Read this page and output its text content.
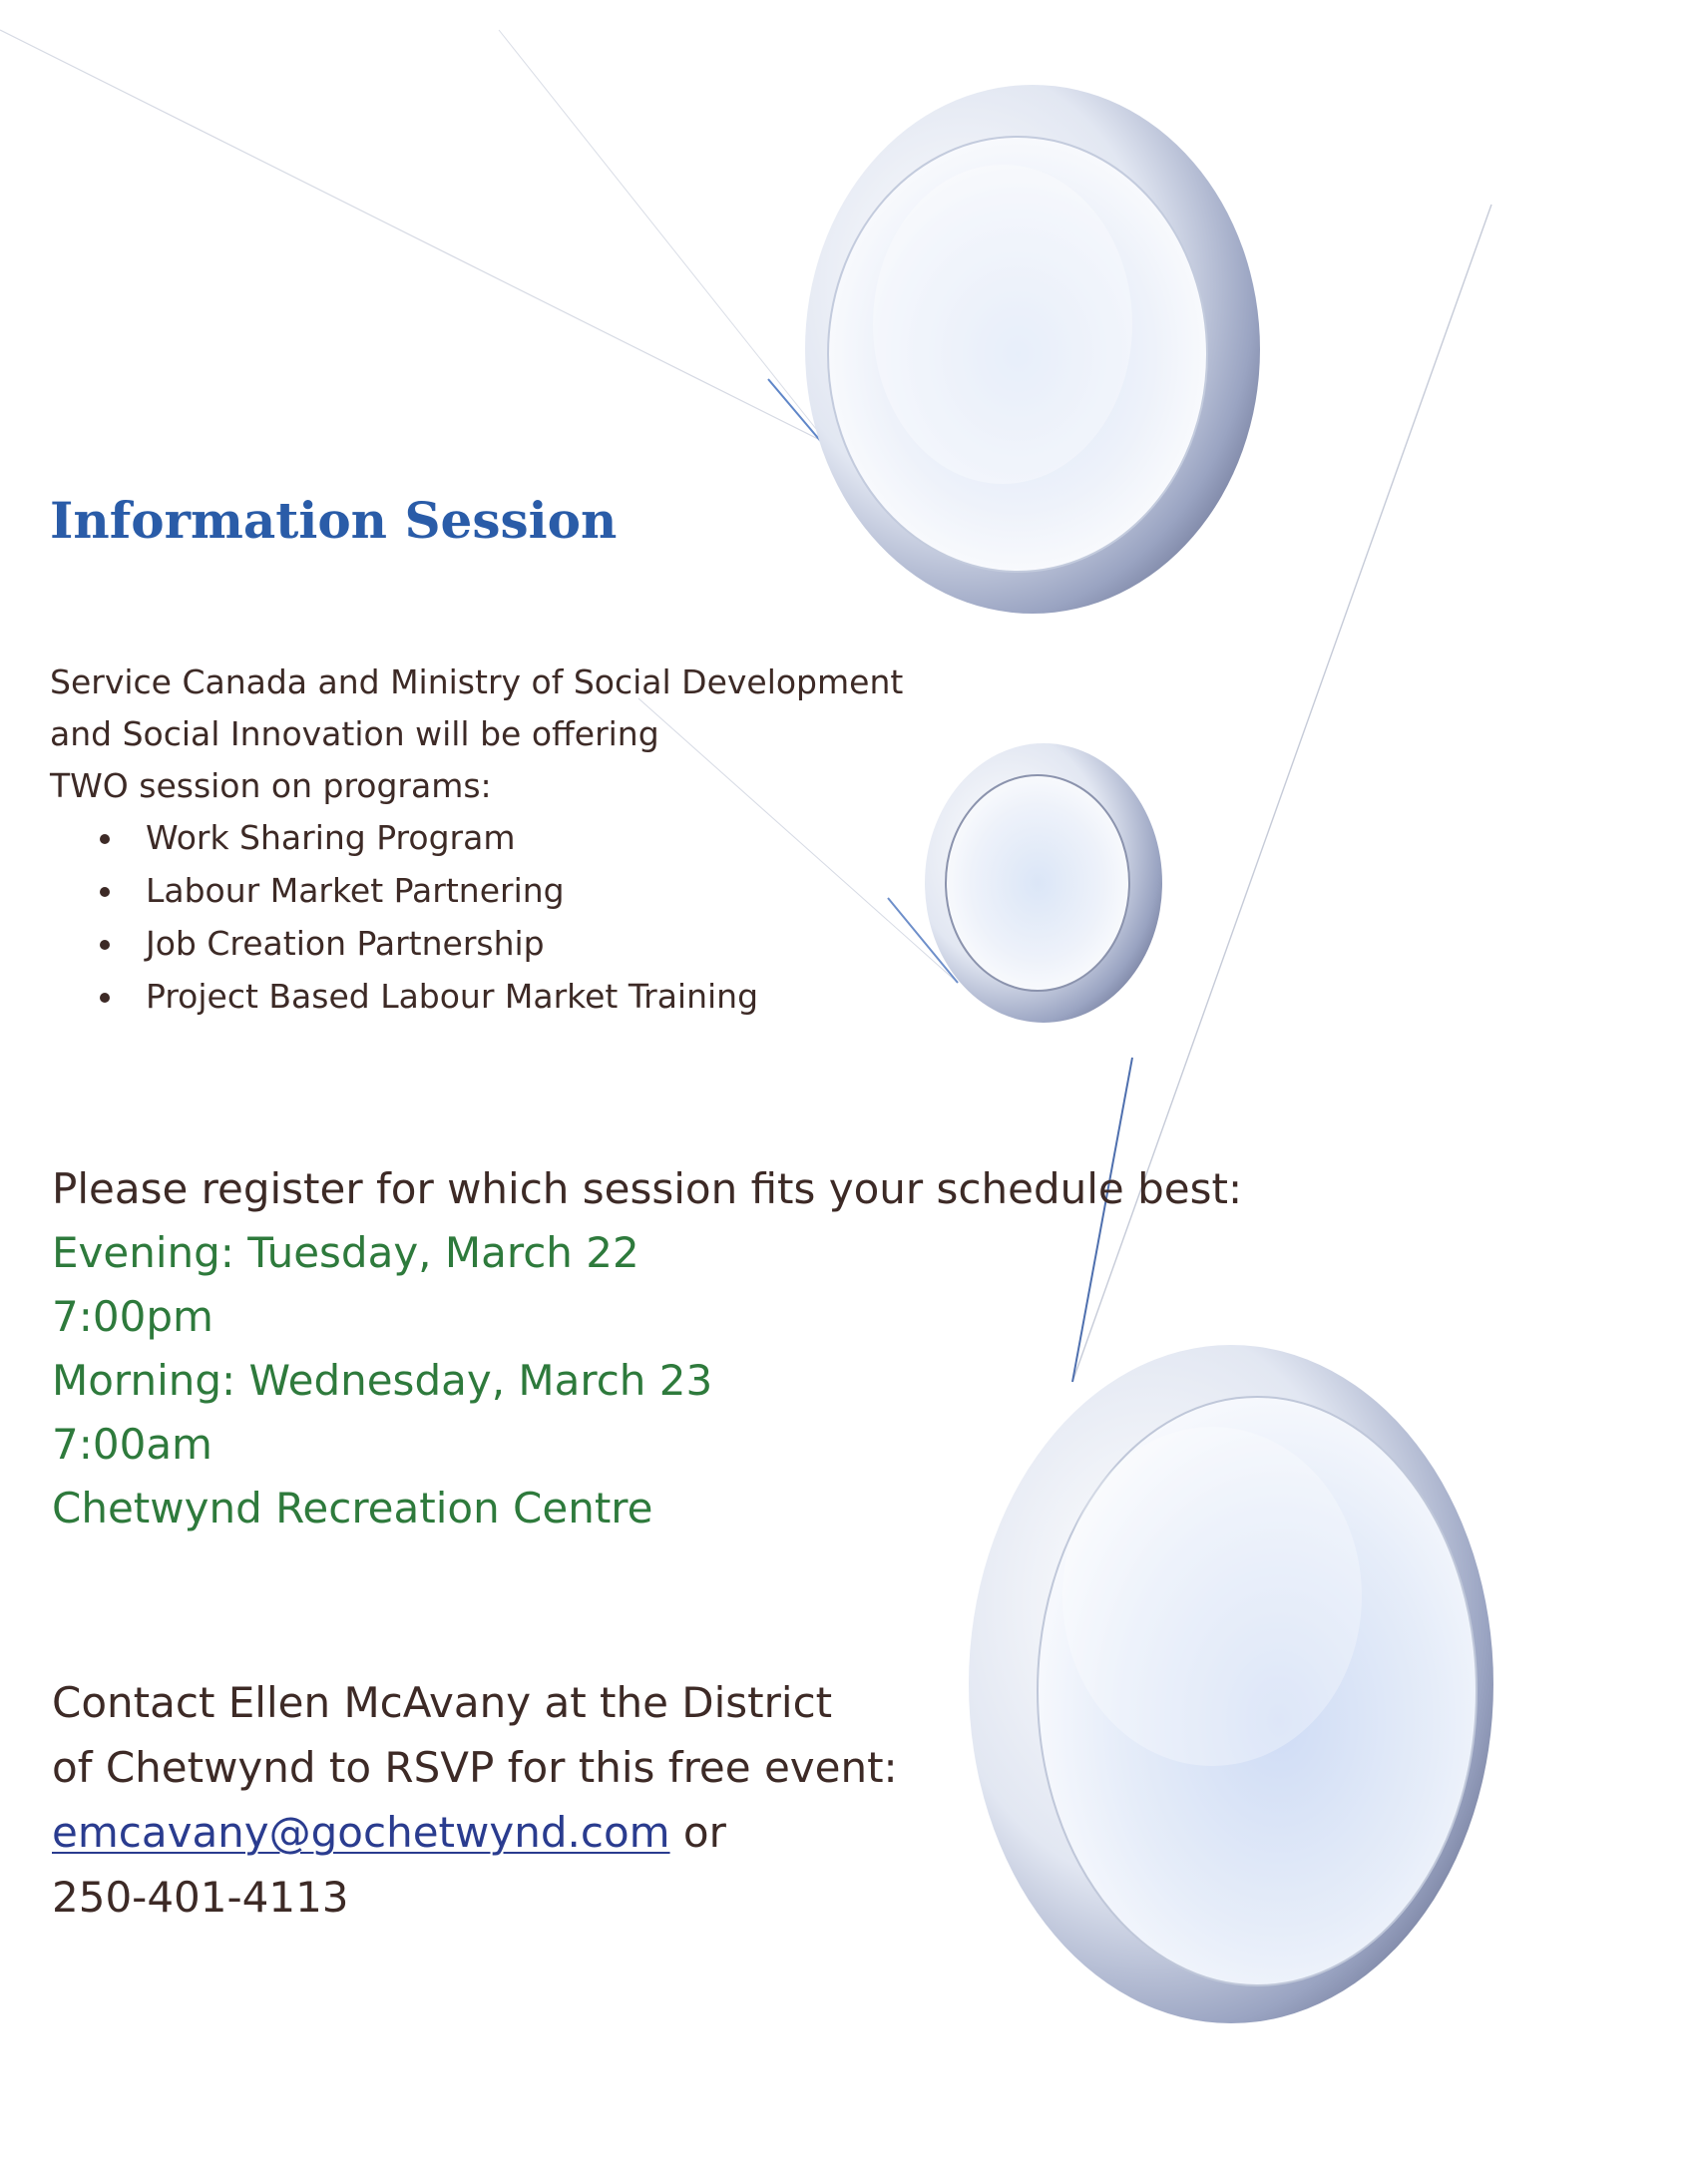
Information Session

Service Canada and Ministry of Social Development

and Social Innovation will be offering

TWO session on programs:

Work Sharing Program
Labour Market Partnering
Job Creation Partnership
Project Based Labour Market Training

Please register for which session fits your schedule best:

Evening: Tuesday, March 22

7:00pm

Morning: Wednesday, March 23

7:00am

Chetwynd Recreation Centre

Contact Ellen McAvany at the District

of Chetwynd to RSVP for this free event:

emcavany@gochetwynd.com or

250-401-4113
